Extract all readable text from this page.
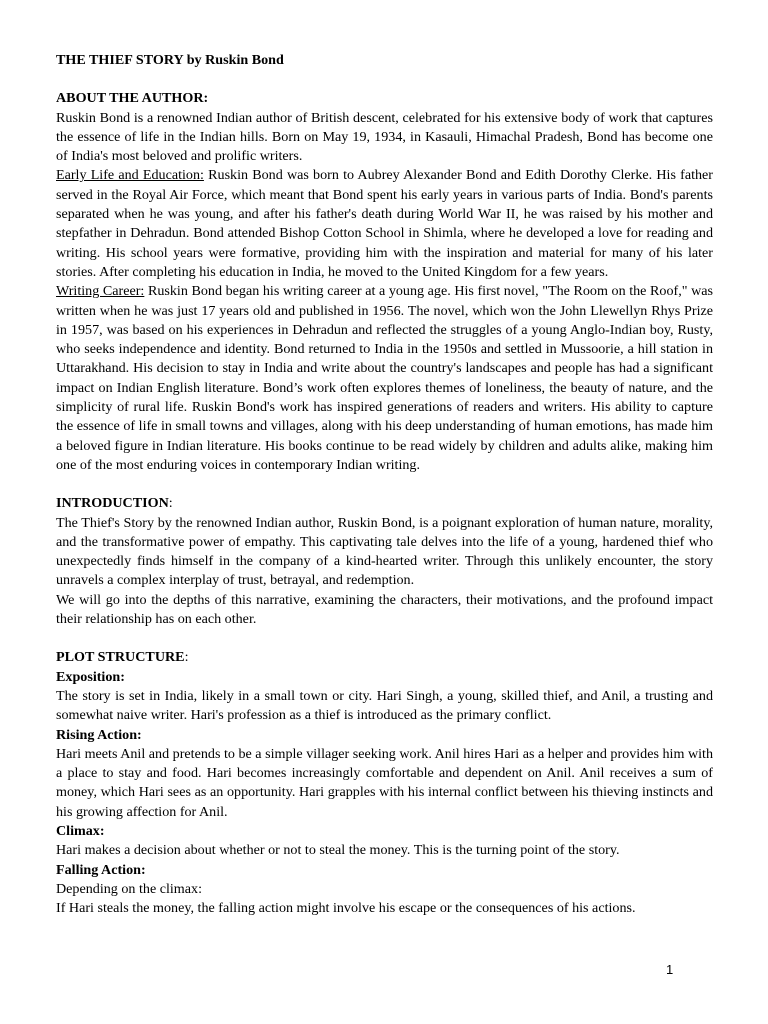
THE THIEF STORY by Ruskin Bond

ABOUT THE AUTHOR:

Ruskin Bond is a renowned Indian author of British descent, celebrated for his extensive body of work that captures the essence of life in the Indian hills. Born on May 19, 1934, in Kasauli, Himachal Pradesh, Bond has become one of India's most beloved and prolific writers.

Early Life and Education: Ruskin Bond was born to Aubrey Alexander Bond and Edith Dorothy Clerke. His father served in the Royal Air Force, which meant that Bond spent his early years in various parts of India. Bond's parents separated when he was young, and after his father's death during World War II, he was raised by his mother and stepfather in Dehradun. Bond attended Bishop Cotton School in Shimla, where he developed a love for reading and writing. His school years were formative, providing him with the inspiration and material for many of his later stories. After completing his education in India, he moved to the United Kingdom for a few years.

Writing Career: Ruskin Bond began his writing career at a young age. His first novel, "The Room on the Roof," was written when he was just 17 years old and published in 1956. The novel, which won the John Llewellyn Rhys Prize in 1957, was based on his experiences in Dehradun and reflected the struggles of a young Anglo-Indian boy, Rusty, who seeks independence and identity. Bond returned to India in the 1950s and settled in Mussoorie, a hill station in Uttarakhand. His decision to stay in India and write about the country's landscapes and people has had a significant impact on Indian English literature. Bond’s work often explores themes of loneliness, the beauty of nature, and the simplicity of rural life. Ruskin Bond's work has inspired generations of readers and writers. His ability to capture the essence of life in small towns and villages, along with his deep understanding of human emotions, has made him a beloved figure in Indian literature. His books continue to be read widely by children and adults alike, making him one of the most enduring voices in contemporary Indian writing.

INTRODUCTION:

The Thief's Story by the renowned Indian author, Ruskin Bond, is a poignant exploration of human nature, morality, and the transformative power of empathy. This captivating tale delves into the life of a young, hardened thief who unexpectedly finds himself in the company of a kind-hearted writer. Through this unlikely encounter, the story unravels a complex interplay of trust, betrayal, and redemption.

We will go into the depths of this narrative, examining the characters, their motivations, and the profound impact their relationship has on each other.

PLOT STRUCTURE:

Exposition:

The story is set in India, likely in a small town or city. Hari Singh, a young, skilled thief, and Anil, a trusting and somewhat naive writer. Hari's profession as a thief is introduced as the primary conflict.

Rising Action:

Hari meets Anil and pretends to be a simple villager seeking work. Anil hires Hari as a helper and provides him with a place to stay and food. Hari becomes increasingly comfortable and dependent on Anil. Anil receives a sum of money, which Hari sees as an opportunity. Hari grapples with his internal conflict between his thieving instincts and his growing affection for Anil.

Climax:

Hari makes a decision about whether or not to steal the money. This is the turning point of the story.

Falling Action:

Depending on the climax:

If Hari steals the money, the falling action might involve his escape or the consequences of his actions.

1
